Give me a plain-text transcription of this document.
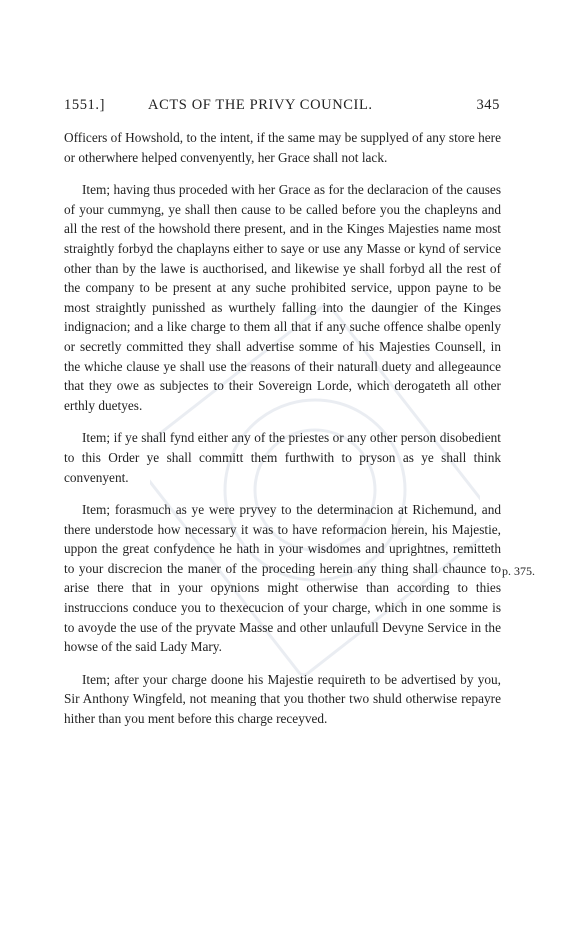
1551.]	ACTS OF THE PRIVY COUNCIL.	345

Officers of Howshold, to the intent, if the same may be supplyed of any store here or otherwhere helped convenyently, her Grace shall not lack.

Item; having thus proceded with her Grace as for the declaracion of the causes of your cummyng, ye shall then cause to be called before you the chapleyns and all the rest of the howshold there present, and in the Kinges Majesties name most straightly forbyd the chaplayns either to saye or use any Masse or kynd of service other than by the lawe is aucthorised, and likewise ye shall forbyd all the rest of the company to be present at any suche prohibited service, uppon payne to be most straightly punisshed as wurthely falling into the daungier of the Kinges indignacion; and a like charge to them all that if any suche offence shalbe openly or secretly committed they shall advertise somme of his Majesties Counsell, in the whiche clause ye shall use the reasons of their naturall duety and allegeaunce that they owe as subjectes to their Sovereign Lorde, which derogateth all other erthly duetyes.

Item; if ye shall fynd either any of the priestes or any other person disobedient to this Order ye shall committ them furthwith to pryson as ye shall think convenyent.

Item; forasmuch as ye were pryvey to the determinacion at Richemund, and there understode how necessary it was to have reformacion herein, his Majestie, uppon the great confydence he hath in your wisdomes and uprightnes, remitteth to your discrecion the maner of the proceding herein any thing shall chaunce to arise there that in your opynions might otherwise than according to thies instruccions conduce you to thexecucion of your charge, which in one somme is to avoyde the use of the pryvate Masse and other unlaufull Devyne Service in the howse of the said Lady Mary.

Item; after your charge doone his Majestie requireth to be advertised by you, Sir Anthony Wingfeld, not meaning that you thother two shuld otherwise repayre hither than you ment before this charge receyved.

p. 375.
